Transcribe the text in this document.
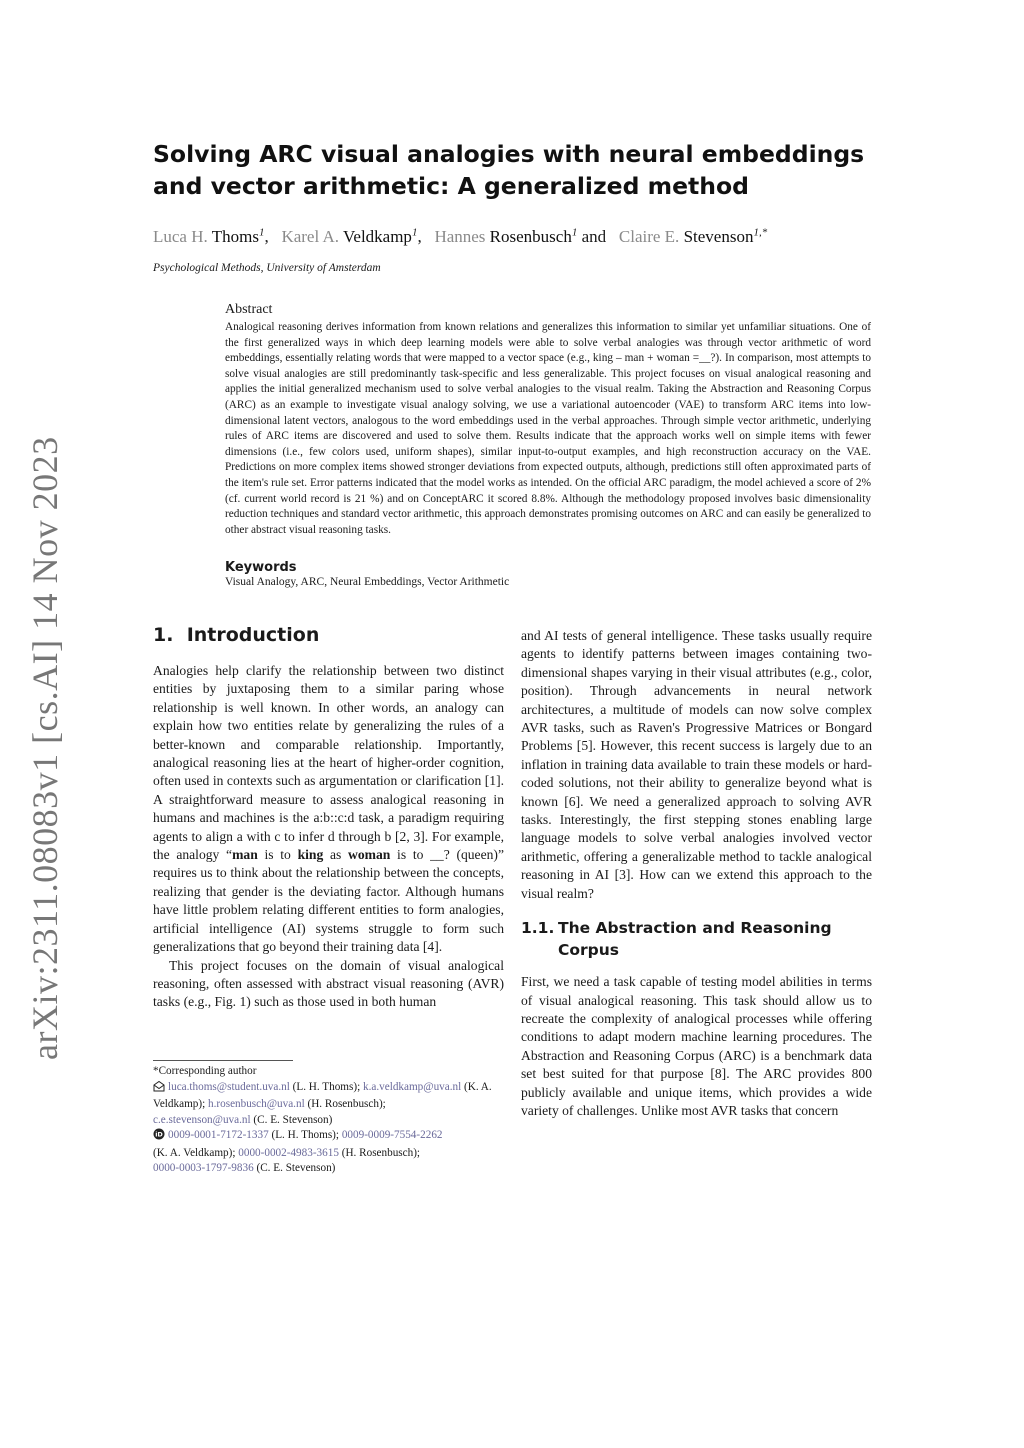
arXiv:2311.08083v1 [cs.AI] 14 Nov 2023
Solving ARC visual analogies with neural embeddings and vector arithmetic: A generalized method
Luca H. Thoms$^1$,   Karel A. Veldkamp$^1$,   Hannes Rosenbusch$^1$ and   Claire E. Stevenson$^{1,*}$
Psychological Methods, University of Amsterdam
Abstract

Analogical reasoning derives information from known relations and generalizes this information to similar yet unfamiliar situations. One of the first generalized ways in which deep learning models were able to solve verbal analogies was through vector arithmetic of word embeddings, essentially relating words that were mapped to a vector space (e.g., king – man + woman =__?). In comparison, most attempts to solve visual analogies are still predominantly task-specific and less generalizable. This project focuses on visual analogical reasoning and applies the initial generalized mechanism used to solve verbal analogies to the visual realm. Taking the Abstraction and Reasoning Corpus (ARC) as an example to investigate visual analogy solving, we use a variational autoencoder (VAE) to transform ARC items into low-dimensional latent vectors, analogous to the word embeddings used in the verbal approaches. Through simple vector arithmetic, underlying rules of ARC items are discovered and used to solve them. Results indicate that the approach works well on simple items with fewer dimensions (i.e., few colors used, uniform shapes), similar input-to-output examples, and high reconstruction accuracy on the VAE. Predictions on more complex items showed stronger deviations from expected outputs, although, predictions still often approximated parts of the item's rule set. Error patterns indicated that the model works as intended. On the official ARC paradigm, the model achieved a score of 2% (cf. current world record is 21 %) and on ConceptARC it scored 8.8%. Although the methodology proposed involves basic dimensionality reduction techniques and standard vector arithmetic, this approach demonstrates promising outcomes on ARC and can easily be generalized to other abstract visual reasoning tasks.

Keywords

Visual Analogy, ARC, Neural Embeddings, Vector Arithmetic

1. Introduction

Analogies help clarify the relationship between two distinct entities by juxtaposing them to a similar paring whose relationship is well known. In other words, an analogy can explain how two entities relate by generalizing the rules of a better-known and comparable relationship. Importantly, analogical reasoning lies at the heart of higher-order cognition, often used in contexts such as argumentation or clarification [1]. A straightforward measure to assess analogical reasoning in humans and machines is the a:b::c:d task, a paradigm requiring agents to align a with c to infer d through b [2, 3]. For example, the analogy “man is to king as woman is to __? (queen)” requires us to think about the relationship between the concepts, realizing that gender is the deviating factor. Although humans have little problem relating different entities to form analogies, artificial intelligence (AI) systems struggle to form such generalizations that go beyond their training data [4].

This project focuses on the domain of visual analogical reasoning, often assessed with abstract visual reasoning (AVR) tasks (e.g., Fig. 1) such as those used in both human

*Corresponding author

luca.thoms@student.uva.nl (L. H. Thoms); k.a.veldkamp@uva.nl (K. A. Veldkamp); h.rosenbusch@uva.nl (H. Rosenbusch);
c.e.stevenson@uva.nl (C. E. Stevenson)

iD 0009-0001-7172-1337 (L. H. Thoms); 0009-0009-7554-2262
(K. A. Veldkamp); 0000-0002-4983-3615 (H. Rosenbusch);
0000-0003-1797-9836 (C. E. Stevenson)

and AI tests of general intelligence. These tasks usually require agents to identify patterns between images containing two-dimensional shapes varying in their visual attributes (e.g., color, position). Through advancements in neural network architectures, a multitude of models can now solve complex AVR tasks, such as Raven's Progressive Matrices or Bongard Problems [5]. However, this recent success is largely due to an inflation in training data available to train these models or hard-coded solutions, not their ability to generalize beyond what is known [6]. We need a generalized approach to solving AVR tasks. Interestingly, the first stepping stones enabling large language models to solve verbal analogies involved vector arithmetic, offering a generalizable method to tackle analogical reasoning in AI [3]. How can we extend this approach to the visual realm?

1.1. The Abstraction and Reasoning Corpus

First, we need a task capable of testing model abilities in terms of visual analogical reasoning. This task should allow us to recreate the complexity of analogical processes while offering conditions to adapt modern machine learning procedures. The Abstraction and Reasoning Corpus (ARC) is a benchmark data set best suited for that purpose [8]. The ARC provides 800 publicly available and unique items, which provides a wide variety of challenges. Unlike most AVR tasks that concern
